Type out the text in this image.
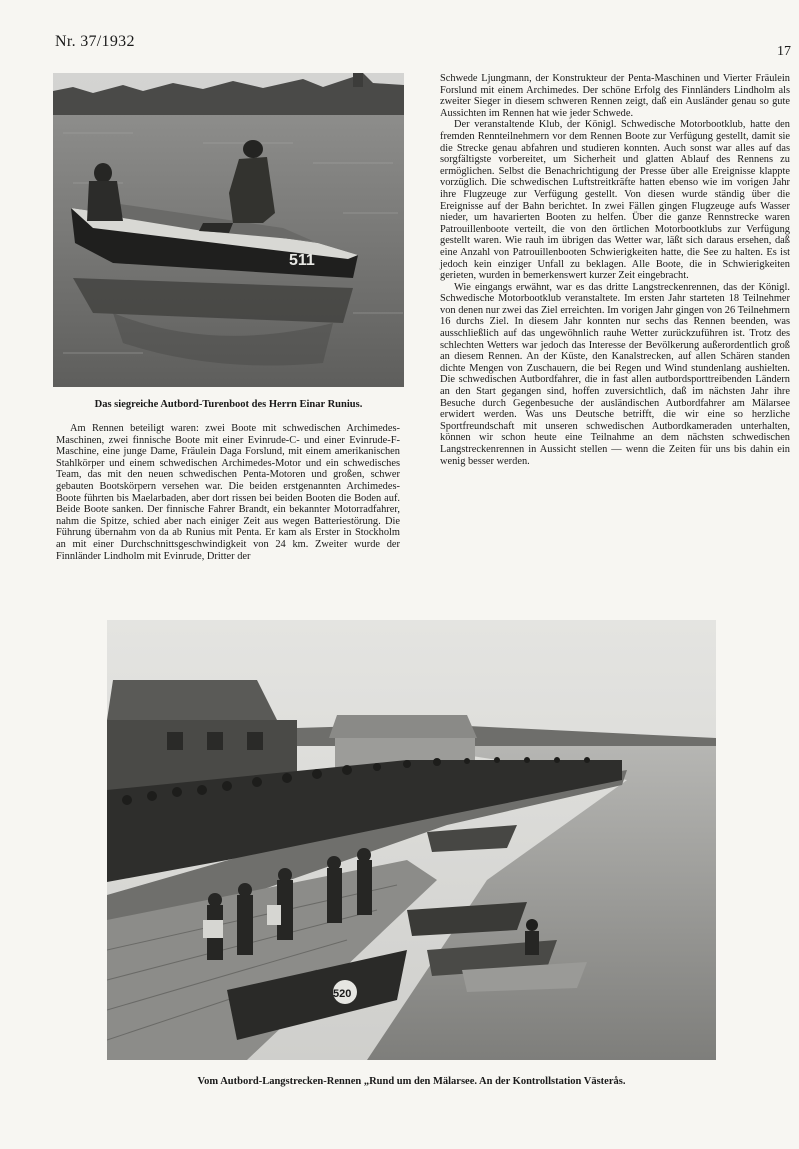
Nr. 37/1932
17
511
Das siegreiche Autbord-Turenboot des Herrn Einar Runius.

Am Rennen beteiligt waren: zwei Boote mit schwedischen Archimedes-Maschinen, zwei finnische Boote mit einer Evinrude-C- und einer Evinrude-F-Maschine, eine junge Dame, Fräulein Daga Forslund, mit einem amerikanischen Stahlkörper und einem schwedischen Archimedes-Motor und ein schwedisches Team, das mit den neuen schwedischen Penta-Motoren und großen, schwer gebauten Bootskörpern versehen war. Die beiden erstgenannten Archimedes-Boote führten bis Maelarbaden, aber dort rissen bei beiden Booten die Boden auf. Beide Boote sanken. Der finnische Fahrer Brandt, ein bekannter Motorradfahrer, nahm die Spitze, schied aber nach einiger Zeit aus wegen Batteriestörung. Die Führung übernahm von da ab Runius mit Penta. Er kam als Erster in Stockholm an mit einer Durchschnittsgeschwindigkeit von 24 km. Zweiter wurde der Finnländer Lindholm mit Evinrude, Dritter der

Schwede Ljungmann, der Konstrukteur der Penta-Maschinen und Vierter Fräulein Forslund mit einem Archimedes. Der schöne Erfolg des Finnländers Lindholm als zweiter Sieger in diesem schweren Rennen zeigt, daß ein Ausländer genau so gute Aussichten im Rennen hat wie jeder Schwede.

Der veranstaltende Klub, der Königl. Schwedische Motorbootklub, hatte den fremden Rennteilnehmern vor dem Rennen Boote zur Verfügung gestellt, damit sie die Strecke genau abfahren und studieren konnten. Auch sonst war alles auf das sorgfältigste vorbereitet, um Sicherheit und glatten Ablauf des Rennens zu ermöglichen. Selbst die Benachrichtigung der Presse über alle Ereignisse klappte vorzüglich. Die schwedischen Luftstreitkräfte hatten ebenso wie im vorigen Jahr ihre Flugzeuge zur Verfügung gestellt. Von diesen wurde ständig über die Ereignisse auf der Bahn berichtet. In zwei Fällen gingen Flugzeuge aufs Wasser nieder, um havarierten Booten zu helfen. Über die ganze Rennstrecke waren Patrouillenboote verteilt, die von den örtlichen Motorbootklubs zur Verfügung gestellt waren. Wie rauh im übrigen das Wetter war, läßt sich daraus ersehen, daß eine Anzahl von Patrouillenbooten Schwierigkeiten hatte, die See zu halten. Es ist jedoch kein einziger Unfall zu beklagen. Alle Boote, die in Schwierigkeiten gerieten, wurden in bemerkenswert kurzer Zeit eingebracht.

Wie eingangs erwähnt, war es das dritte Langstreckenrennen, das der Königl. Schwedische Motorbootklub veranstaltete. Im ersten Jahr starteten 18 Teilnehmer von denen nur zwei das Ziel erreichten. Im vorigen Jahr gingen von 26 Teilnehmern 16 durchs Ziel. In diesem Jahr konnten nur sechs das Rennen beenden, was ausschließlich auf das ungewöhnlich rauhe Wetter zurückzuführen ist. Trotz des schlechten Wetters war jedoch das Interesse der Bevölkerung außerordentlich groß an diesem Rennen. An der Küste, den Kanalstrecken, auf allen Schären standen dichte Mengen von Zuschauern, die bei Regen und Wind stundenlang aushielten. Die schwedischen Autbordfahrer, die in fast allen autbordsporttreibenden Ländern an den Start gegangen sind, hoffen zuversichtlich, daß im nächsten Jahr ihre Besuche durch Gegenbesuche der ausländischen Autbordfahrer am Mälarsee erwidert werden. Was uns Deutsche betrifft, die wir eine so herzliche Sportfreundschaft mit unseren schwedischen Autbordkameraden unterhalten, können wir schon heute eine Teilnahme an dem nächsten schwedischen Langstreckenrennen in Aussicht stellen — wenn die Zeiten für uns bis dahin ein wenig besser werden.

520
Vom Autbord-Langstrecken-Rennen „Rund um den Mälarsee. An der Kontrollstation Västerås.
